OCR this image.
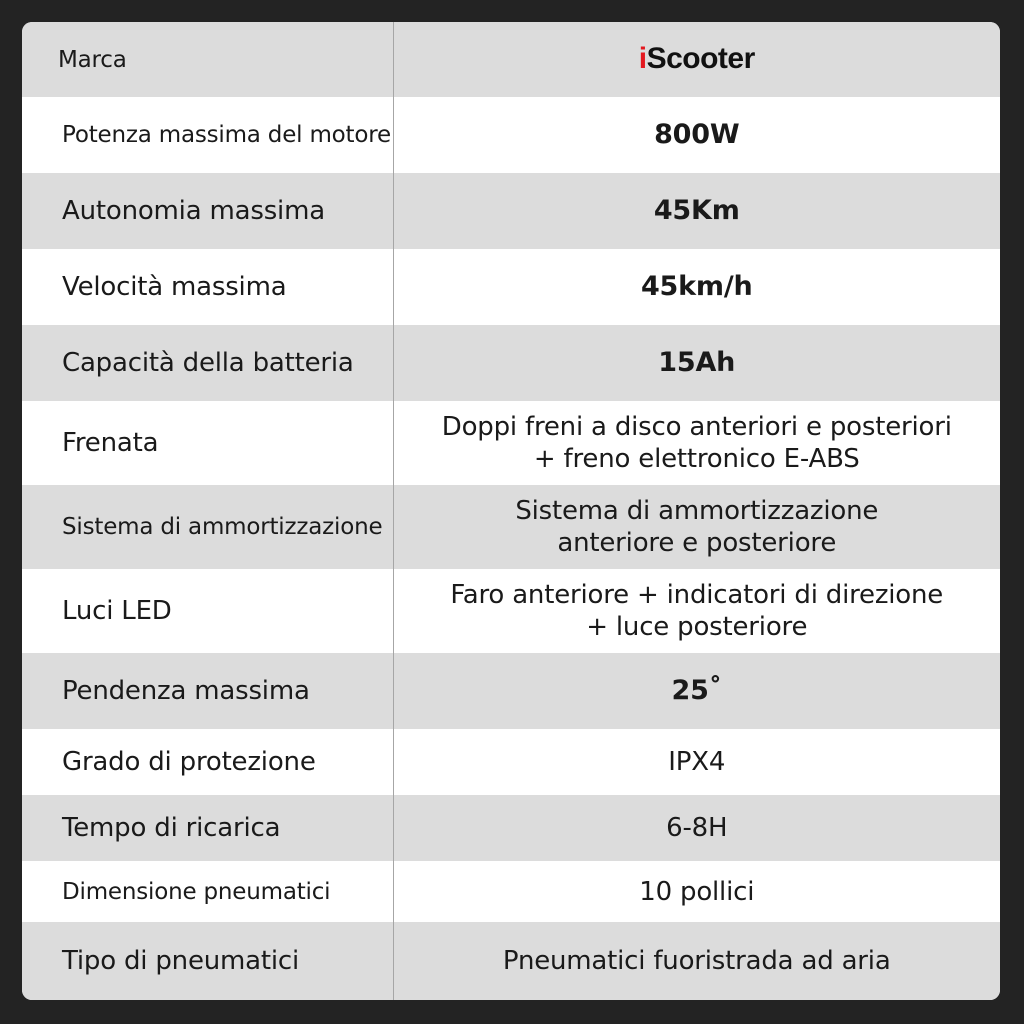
Marca	iScooter
Potenza massima del motore	800W

Autonomia massima	45Km

Velocità massima	45km/h

Capacità della batteria	15Ah

Frenata	Doppi freni a disco anteriori e posteriori
+ freno elettronico E-ABS

Sistema di ammortizzazione	Sistema di ammortizzazione
anteriore e posteriore

Luci LED	Faro anteriore + indicatori di direzione
+ luce posteriore

Pendenza massima	25˚

Grado di protezione	IPX4

Tempo di ricarica	6-8H

Dimensione pneumatici	10 pollici

Tipo di pneumatici	Pneumatici fuoristrada ad aria
